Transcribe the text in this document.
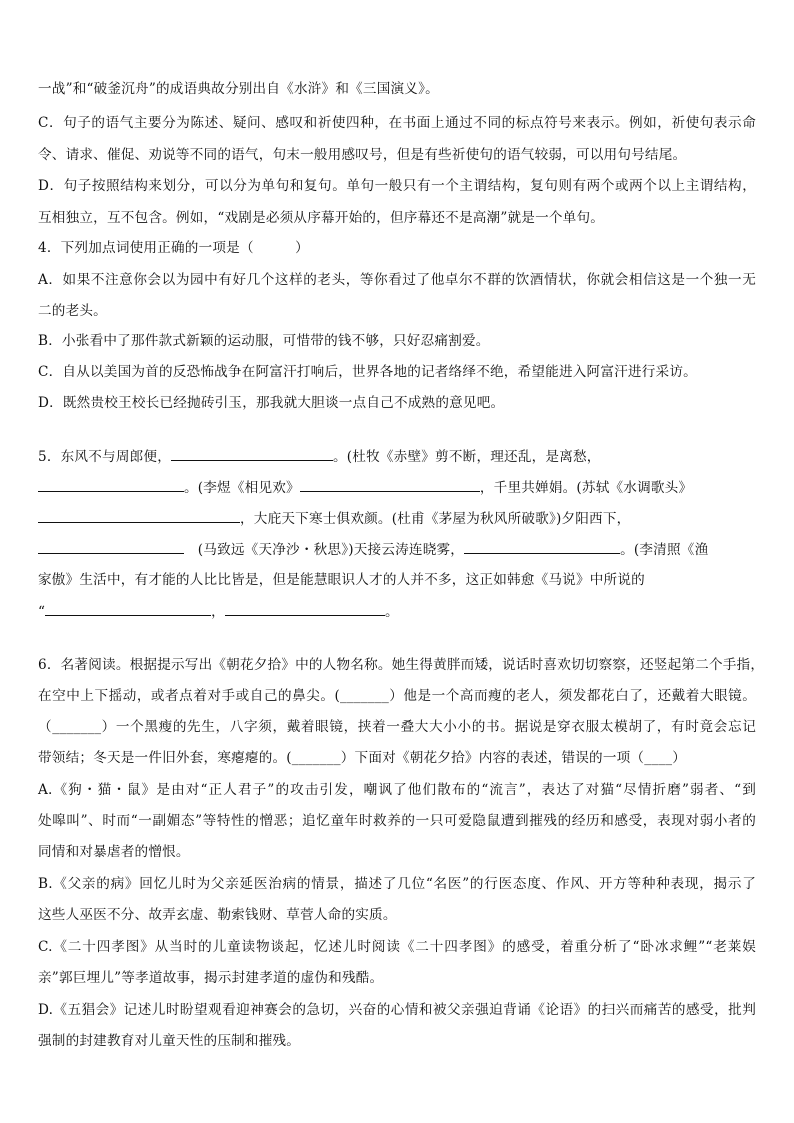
一战”和“破釜沉舟”的成语典故分别出自《水浒》和《三国演义》。
C．句子的语气主要分为陈述、疑问、感叹和祈使四种，在书面上通过不同的标点符号来表示。例如，祈使句表示命
令、请求、催促、劝说等不同的语气，句末一般用感叹号，但是有些祈使句的语气较弱，可以用句号结尾。
D．句子按照结构来划分，可以分为单句和复句。单句一般只有一个主谓结构，复句则有两个或两个以上主谓结构，
互相独立，互不包含。例如，“戏剧是必须从序幕开始的，但序幕还不是高潮”就是一个单句。
4．下列加点词使用正确的一项是（　　　）
A．如果不注意你会以为园中有好几个这样的老头，等你看过了他卓尔不群的饮酒情状，你就会相信这是一个独一无
二的老头。
B．小张看中了那件款式新颖的运动服，可惜带的钱不够，只好忍痛割爱。
C．自从以美国为首的反恐怖战争在阿富汗打响后，世界各地的记者络绎不绝，希望能进入阿富汗进行采访。
D．既然贵校王校长已经抛砖引玉，那我就大胆谈一点自己不成熟的意见吧。
5．东风不与周郎便，	。(杜牧《赤壁》剪不断，理还乱，是离愁，
。(李煜《相见欢》	，千里共婵娟。(苏轼《水调歌头》
，大庇天下寒士俱欢颜。(杜甫《茅屋为秋风所破歌》)夕阳西下，
　(马致远《天净沙・秋思》)天接云涛连晓雾，	。(李清照《渔
家傲》生活中，有才能的人比比皆是，但是能慧眼识人才的人并不多，这正如韩愈《马说》中所说的
“	，	。
6．名著阅读。根据提示写出《朝花夕拾》中的人物名称。她生得黄胖而矮，说话时喜欢切切察察，还竖起第二个手指，
在空中上下摇动，或者点着对手或自己的鼻尖。(_______）他是一个高而瘦的老人，须发都花白了，还戴着大眼镜。
（_______）一个黑瘦的先生，八字须，戴着眼镜，挟着一叠大大小小的书。据说是穿衣服太模胡了，有时竟会忘记
带领结；冬天是一件旧外套，寒瘪瘪的。(_______）下面对《朝花夕拾》内容的表述，错误的一项（____）
A.《狗・猫・鼠》是由对“正人君子”的攻击引发，嘲讽了他们散布的“流言”，表达了对猫“尽情折磨”弱者、“到
处嗥叫”、时而“一副媚态”等特性的憎恶；追忆童年时救养的一只可爱隐鼠遭到摧残的经历和感受，表现对弱小者的
同情和对暴虐者的憎恨。
B.《父亲的病》回忆儿时为父亲延医治病的情景，描述了几位“名医”的行医态度、作风、开方等种种表现，揭示了
这些人巫医不分、故弄玄虚、勒索钱财、草菅人命的实质。
C.《二十四孝图》从当时的儿童读物谈起，忆述儿时阅读《二十四孝图》的感受，着重分析了“卧冰求鲤”“老莱娱
亲”郭巨埋儿”等孝道故事，揭示封建孝道的虚伪和残酷。
D.《五猖会》记述儿时盼望观看迎神赛会的急切，兴奋的心情和被父亲强迫背诵《论语》的扫兴而痛苦的感受，批判
强制的封建教育对儿童天性的压制和摧残。
